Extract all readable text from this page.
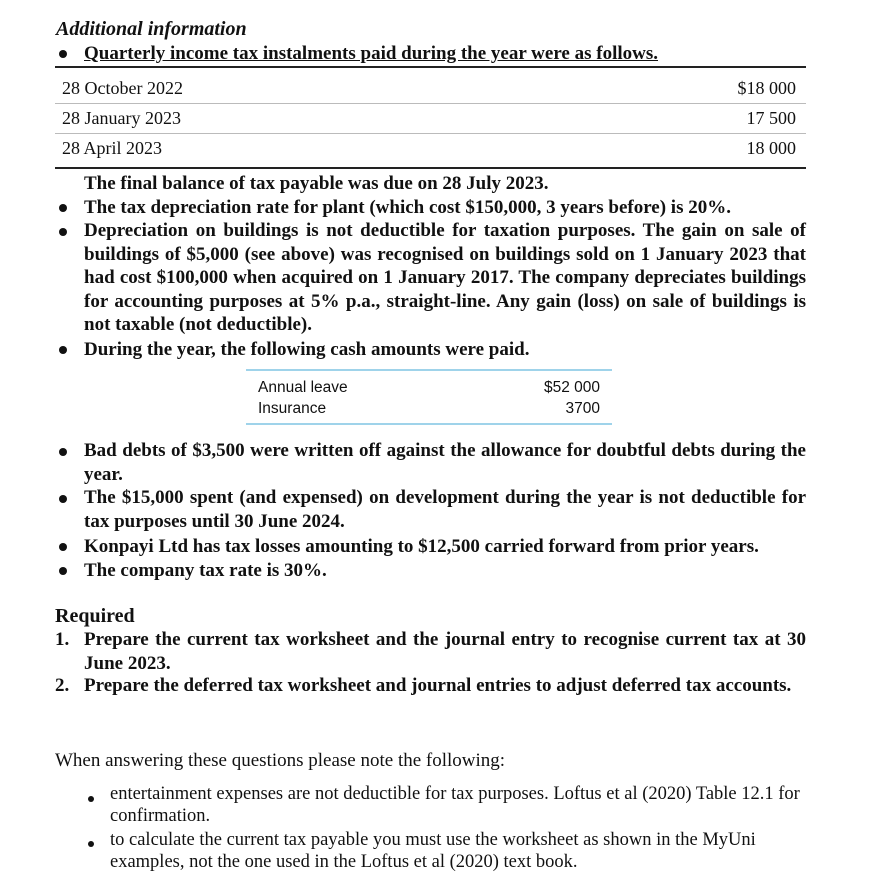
Additional information
Quarterly income tax instalments paid during the year were as follows.
28 October 2022	$18 000
28 January 2023	17 500
28 April 2023	18 000
The final balance of tax payable was due on 28 July 2023.
The tax depreciation rate for plant (which cost $150,000, 3 years before) is 20%.
Depreciation on buildings is not deductible for taxation purposes. The gain on sale of buildings of $5,000 (see above) was recognised on buildings sold on 1 January 2023 that had cost $100,000 when acquired on 1 January 2017. The company depreciates buildings for accounting purposes at 5% p.a., straight-line. Any gain (loss) on sale of buildings is not taxable (not deductible).
During the year, the following cash amounts were paid.
Annual leave	$52 000
Insurance	3700
Bad debts of $3,500 were written off against the allowance for doubtful debts during the year.
The $15,000 spent (and expensed) on development during the year is not deductible for tax purposes until 30 June 2024.
Konpayi Ltd has tax losses amounting to $12,500 carried forward from prior years.
The company tax rate is 30%.
Required
1. Prepare the current tax worksheet and the journal entry to recognise current tax at 30 June 2023.
2. Prepare the deferred tax worksheet and journal entries to adjust deferred tax accounts.
When answering these questions please note the following:
entertainment expenses are not deductible for tax purposes. Loftus et al (2020) Table 12.1 for confirmation.
to calculate the current tax payable you must use the worksheet as shown in the MyUni examples, not the one used in the Loftus et al (2020) text book.
